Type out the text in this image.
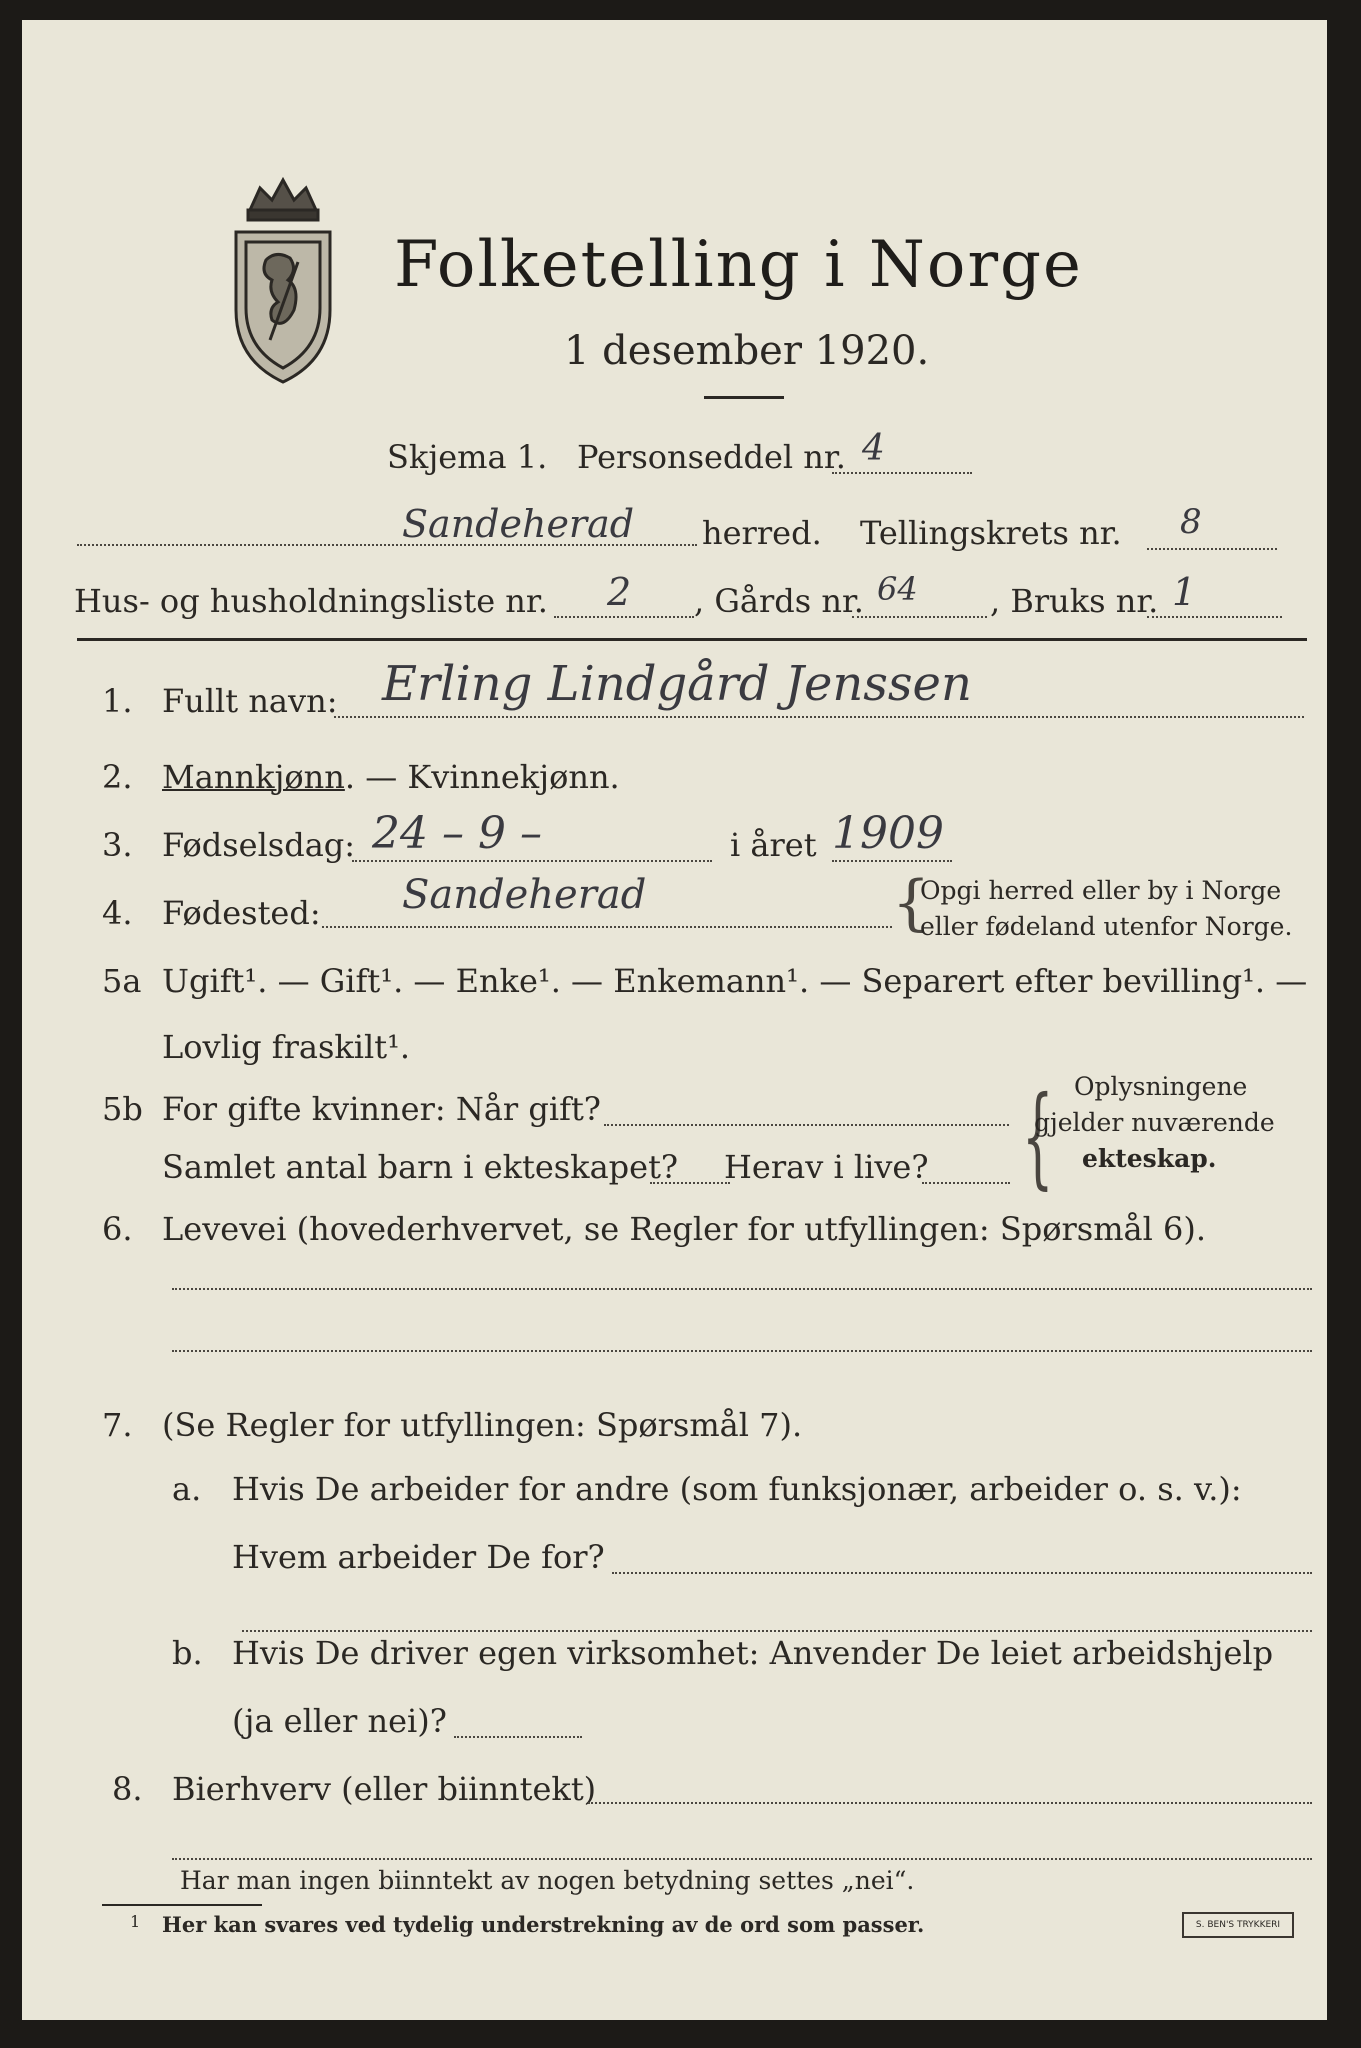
Folketelling i Norge
1 desember 1920.
Skjema 1. Personseddel nr. 4
Sandeherad herred. Tellingskrets nr. 8
Hus- og husholdningsliste nr. 2 , Gårds nr. 64 , Bruks nr. 1
1. Fullt navn: Erling Lindgård Jenssen
2. Mannkjønn. — Kvinnekjønn.
3. Fødselsdag: 24 – 9 –	i året 1909
4. Fødested: Sandeherad	{
Opgi herred eller by i Norge
eller fødeland utenfor Norge.
5a Ugift¹. — Gift¹. — Enke¹. — Enkemann¹. — Separert efter bevilling¹. —
Lovlig fraskilt¹.
5b For gifte kvinner: Når gift?
Samlet antal barn i ekteskapet? Herav i live? { Oplysningene
gjelder nuværende
ekteskap.
6. Levevei (hovederhvervet, se Regler for utfyllingen: Spørsmål 6).
7. (Se Regler for utfyllingen: Spørsmål 7).
a. Hvis De arbeider for andre (som funksjonær, arbeider o. s. v.):
Hvem arbeider De for?
b. Hvis De driver egen virksomhet: Anvender De leiet arbeidshjelp
(ja eller nei)?
8. Bierhverv (eller biinntekt)
Har man ingen biinntekt av nogen betydning settes „nei“.
1 Her kan svares ved tydelig understrekning av de ord som passer.	S. BEN'S TRYKKERI
